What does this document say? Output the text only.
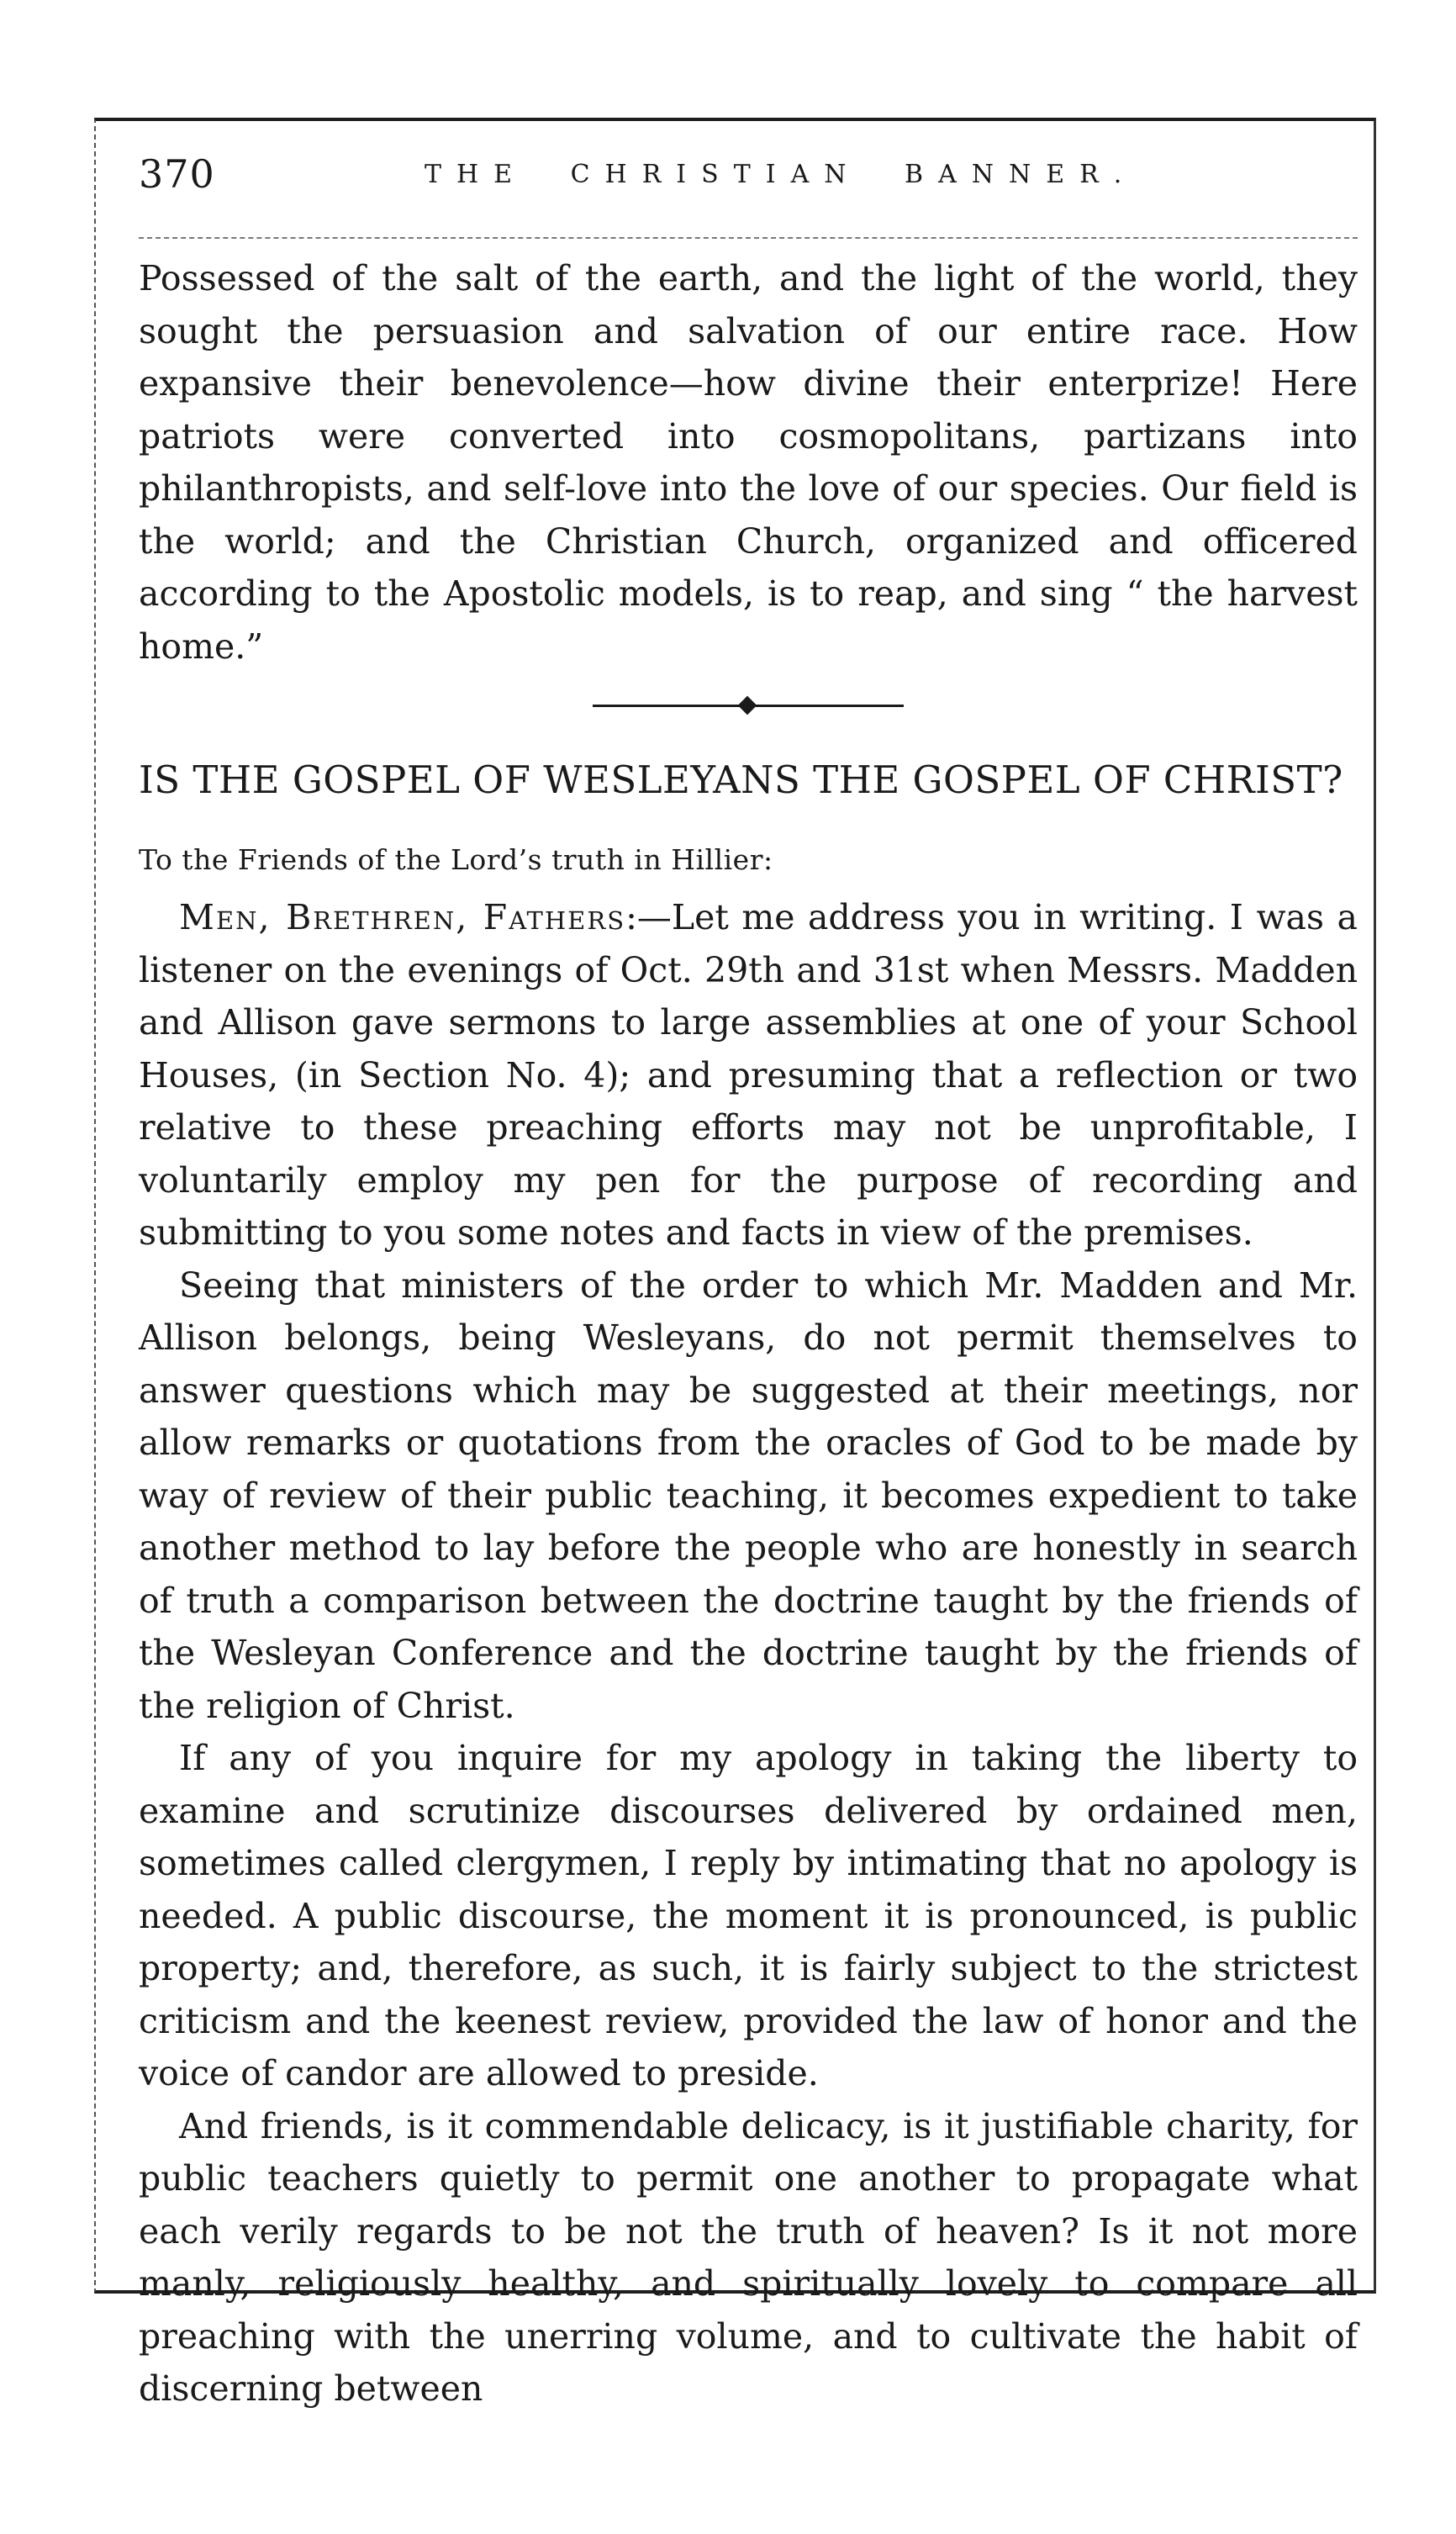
370	THE CHRISTIAN BANNER.

Possessed of the salt of the earth, and the light of the world, they sought the persuasion and salvation of our entire race. How expansive their benevolence—how divine their enterprize! Here patriots were converted into cosmopolitans, partizans into philanthropists, and self-love into the love of our species. Our field is the world; and the Christian Church, organized and officered according to the Apostolic models, is to reap, and sing “ the harvest home.”

IS THE GOSPEL OF WESLEYANS THE GOSPEL OF CHRIST?
To the Friends of the Lord’s truth in Hillier:

Men, Brethren, Fathers:—Let me address you in writing. I was a listener on the evenings of Oct. 29th and 31st when Messrs. Madden and Allison gave sermons to large assemblies at one of your School Houses, (in Section No. 4); and presuming that a reflection or two relative to these preaching efforts may not be unprofitable, I voluntarily employ my pen for the purpose of recording and submitting to you some notes and facts in view of the premises.

Seeing that ministers of the order to which Mr. Madden and Mr. Allison belongs, being Wesleyans, do not permit themselves to answer questions which may be suggested at their meetings, nor allow remarks or quotations from the oracles of God to be made by way of review of their public teaching, it becomes expedient to take another method to lay before the people who are honestly in search of truth a comparison between the doctrine taught by the friends of the Wesleyan Conference and the doctrine taught by the friends of the religion of Christ.

If any of you inquire for my apology in taking the liberty to examine and scrutinize discourses delivered by ordained men, sometimes called clergymen, I reply by intimating that no apology is needed. A public discourse, the moment it is pronounced, is public property; and, therefore, as such, it is fairly subject to the strictest criticism and the keenest review, provided the law of honor and the voice of candor are allowed to preside.

And friends, is it commendable delicacy, is it justifiable charity, for public teachers quietly to permit one another to propagate what each verily regards to be not the truth of heaven? Is it not more manly, religiously healthy, and spiritually lovely to compare all preaching with the unerring volume, and to cultivate the habit of discerning between
